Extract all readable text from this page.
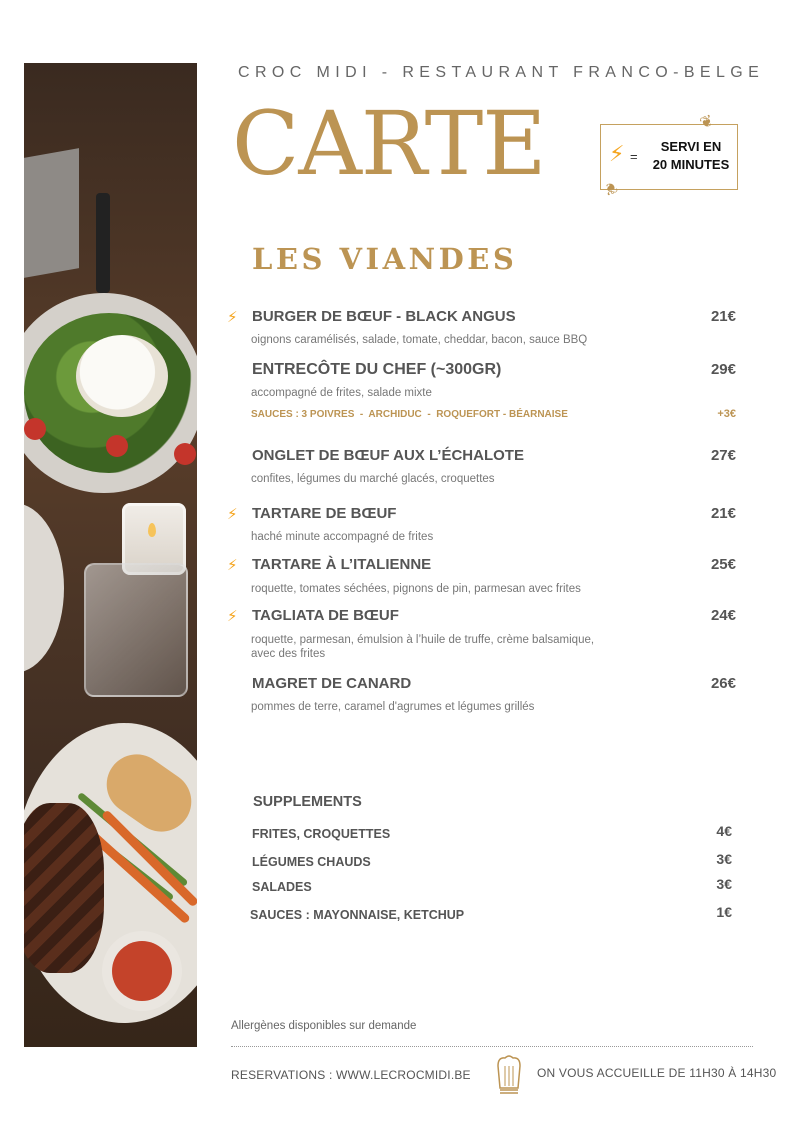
CROC MIDI - RESTAURANT FRANCO-BELGE
CARTE	⚡ =
SERVI EN
20 MINUTES
❦
❦
LES VIANDES
⚡ BURGER DE BŒUF - BLACK ANGUS	21€
oignons caramélisés, salade, tomate, cheddar, bacon, sauce BBQ
ENTRECÔTE DU CHEF (~300GR)	29€
accompagné de frites, salade mixte
SAUCES : 3 POIVRES  -  ARCHIDUC  -  ROQUEFORT - BÉARNAISE	+3€
ONGLET DE BŒUF AUX L’ÉCHALOTE	27€
confites, légumes du marché glacés, croquettes
⚡ TARTARE DE BŒUF	21€
haché minute accompagné de frites
⚡ TARTARE À L’ITALIENNE	25€
roquette, tomates séchées, pignons de pin, parmesan avec frites
⚡ TAGLIATA DE BŒUF	24€
roquette, parmesan, émulsion à l’huile de truffe, crème balsamique, avec des frites
MAGRET DE CANARD	26€
pommes de terre, caramel d'agrumes et légumes grillés
SUPPLEMENTS
FRITES, CROQUETTES	4€
LÉGUMES CHAUDS	3€
SALADES	3€
SAUCES : MAYONNAISE, KETCHUP	1€
Allergènes disponibles sur demande
RESERVATIONS : WWW.LECROCMIDI.BE	ON VOUS ACCUEILLE DE 11H30 À 14H30
